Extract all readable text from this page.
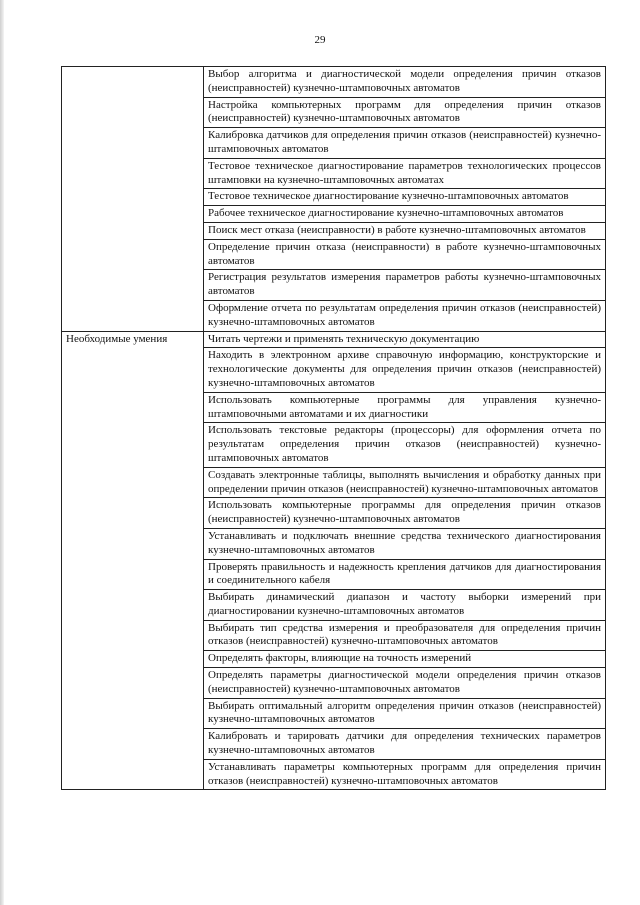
29
	Выбор алгоритма и диагностической модели определения причин отказов (неисправностей) кузнечно-штамповочных автоматов
	Настройка компьютерных программ для определения причин отказов (неисправностей) кузнечно-штамповочных автоматов
	Калибровка датчиков для определения причин отказов (неисправностей) кузнечно-штамповочных автоматов
	Тестовое техническое диагностирование параметров технологических процессов штамповки на кузнечно-штамповочных автоматах
	Тестовое техническое диагностирование кузнечно-штамповочных автоматов
	Рабочее техническое диагностирование кузнечно-штамповочных автоматов
	Поиск мест отказа (неисправности) в работе кузнечно-штамповочных автоматов
	Определение причин отказа (неисправности) в работе кузнечно-штамповочных автоматов
	Регистрация результатов измерения параметров работы кузнечно-штамповочных автоматов
	Оформление отчета по результатам определения причин отказов (неисправностей) кузнечно-штамповочных автоматов
Необходимые умения	Читать чертежи и применять техническую документацию
	Находить в электронном архиве справочную информацию, конструкторские и технологические документы для определения причин отказов (неисправностей) кузнечно-штамповочных автоматов
	Использовать компьютерные программы для управления кузнечно-штамповочными автоматами и их диагностики
	Использовать текстовые редакторы (процессоры) для оформления отчета по результатам определения причин отказов (неисправностей) кузнечно-штамповочных автоматов
	Создавать электронные таблицы, выполнять вычисления и обработку данных при определении причин отказов (неисправностей) кузнечно-штамповочных автоматов
	Использовать компьютерные программы для определения причин отказов (неисправностей) кузнечно-штамповочных автоматов
	Устанавливать и подключать внешние средства технического диагностирования кузнечно-штамповочных автоматов
	Проверять правильность и надежность крепления датчиков для диагностирования и соединительного кабеля
	Выбирать динамический диапазон и частоту выборки измерений при диагностировании кузнечно-штамповочных автоматов
	Выбирать тип средства измерения и преобразователя для определения причин отказов (неисправностей) кузнечно-штамповочных автоматов
	Определять факторы, влияющие на точность измерений
	Определять параметры диагностической модели определения причин отказов (неисправностей) кузнечно-штамповочных автоматов
	Выбирать оптимальный алгоритм определения причин отказов (неисправностей) кузнечно-штамповочных автоматов
	Калибровать и тарировать датчики для определения технических параметров кузнечно-штамповочных автоматов
	Устанавливать параметры компьютерных программ для определения причин отказов (неисправностей) кузнечно-штамповочных автоматов
